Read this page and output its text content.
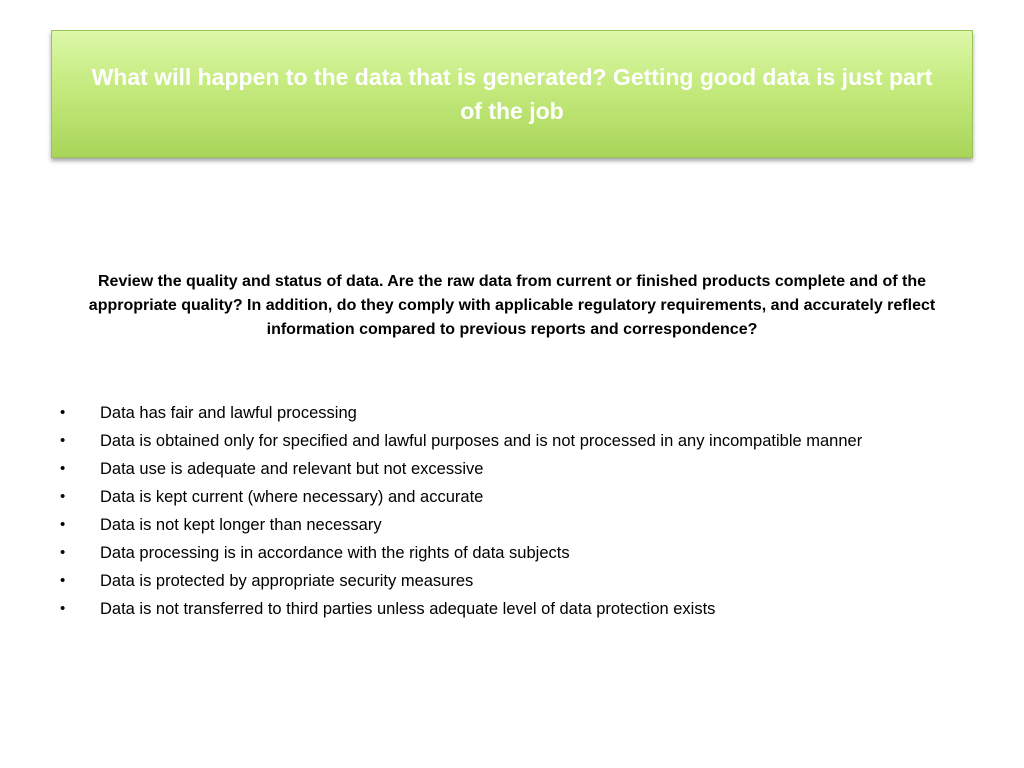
What will happen to the data that is generated? Getting good data is just part of the job

Review the quality and status of data. Are the raw data from current or finished products complete and of the appropriate quality? In addition, do they comply with applicable regulatory requirements, and accurately reflect information compared to previous reports and correspondence?

• Data has fair and lawful processing
• Data is obtained only for specified and lawful purposes and is not processed in any incompatible manner
• Data use is adequate and relevant but not excessive
• Data is kept current (where necessary) and accurate
• Data is not kept longer than necessary
• Data processing is in accordance with the rights of data subjects
• Data is protected by appropriate security measures
• Data is not transferred to third parties unless adequate level of data protection exists
